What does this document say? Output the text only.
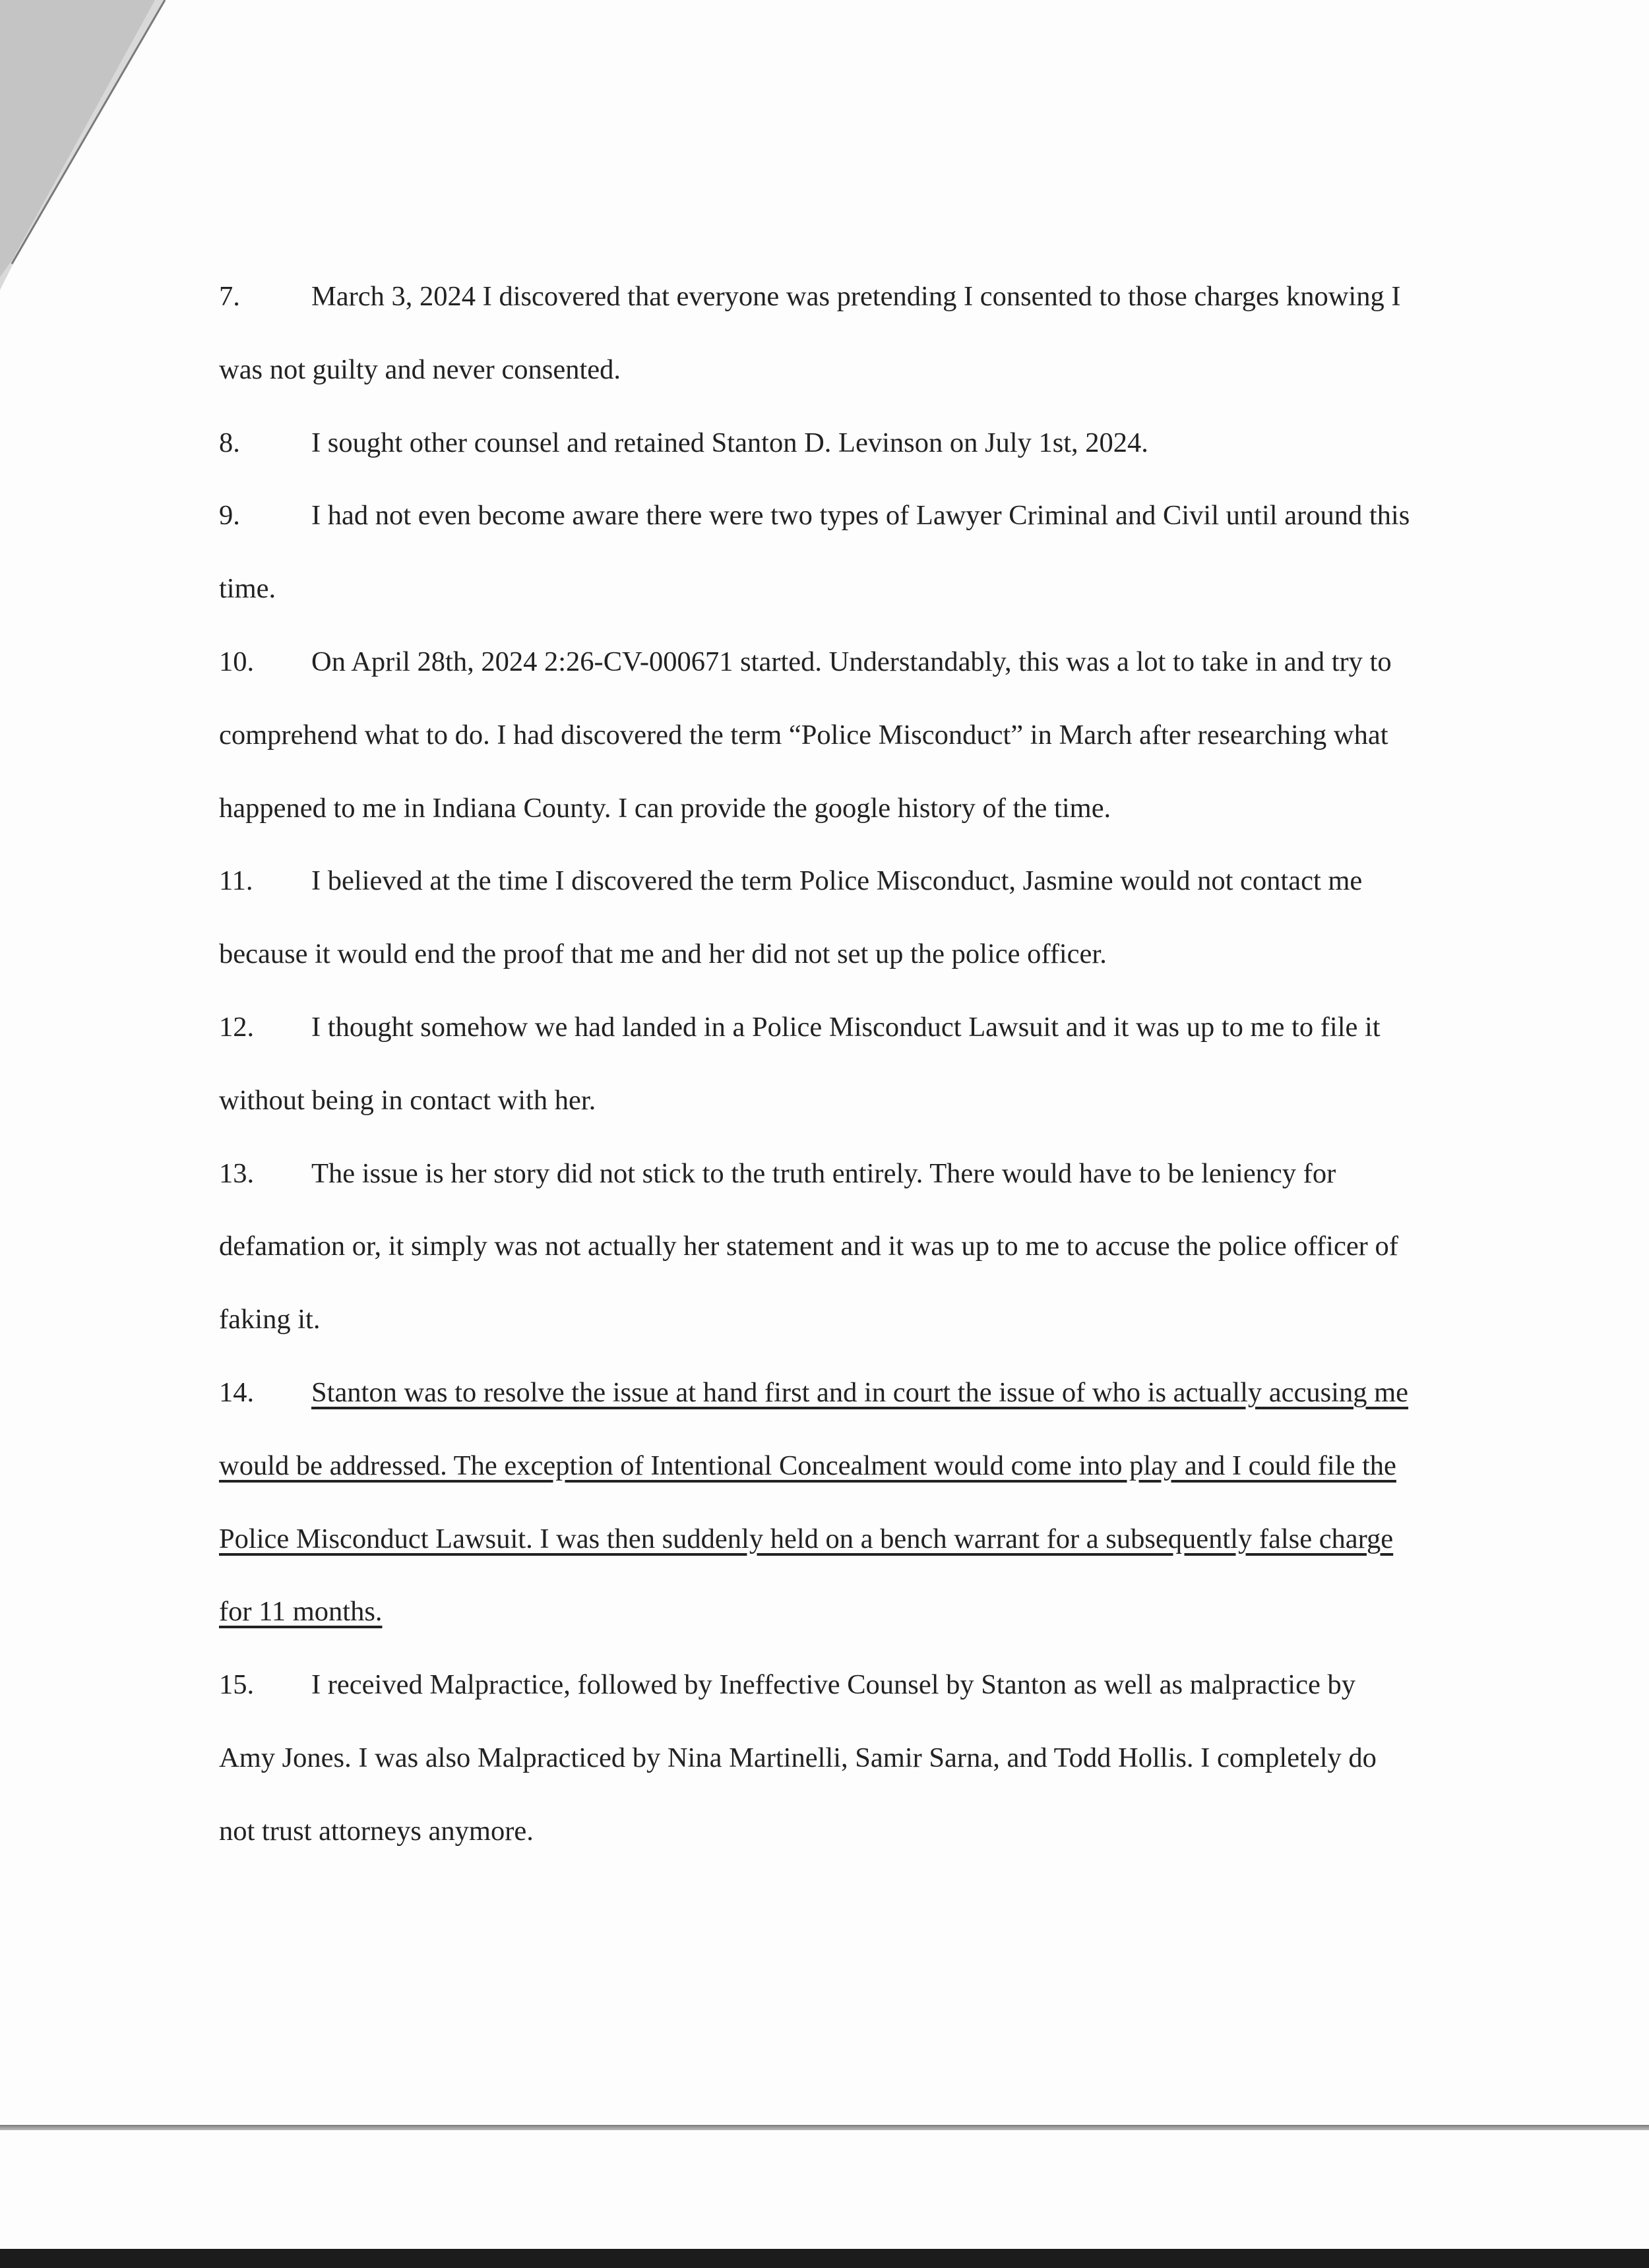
7.	March 3, 2024 I discovered that everyone was pretending I consented to those charges knowing I was not guilty and never consented.

8.	I sought other counsel and retained Stanton D. Levinson on July 1st, 2024.

9.	I had not even become aware there were two types of Lawyer Criminal and Civil until around this time.

10. On April 28th, 2024 2:26-CV-000671 started. Understandably, this was a lot to take in and try to comprehend what to do. I had discovered the term “Police Misconduct” in March after researching what happened to me in Indiana County. I can provide the google history of the time.

11. I believed at the time I discovered the term Police Misconduct, Jasmine would not contact me because it would end the proof that me and her did not set up the police officer.

12. I thought somehow we had landed in a Police Misconduct Lawsuit and it was up to me to file it without being in contact with her.

13. The issue is her story did not stick to the truth entirely. There would have to be leniency for defamation or, it simply was not actually her statement and it was up to me to accuse the police officer of faking it.

14. Stanton was to resolve the issue at hand first and in court the issue of who is actually accusing me would be addressed. The exception of Intentional Concealment would come into play and I could file the Police Misconduct Lawsuit. I was then suddenly held on a bench warrant for a subsequently false charge for 11 months.

15. I received Malpractice, followed by Ineffective Counsel by Stanton as well as malpractice by Amy Jones. I was also Malpracticed by Nina Martinelli, Samir Sarna, and Todd Hollis. I completely do not trust attorneys anymore.
